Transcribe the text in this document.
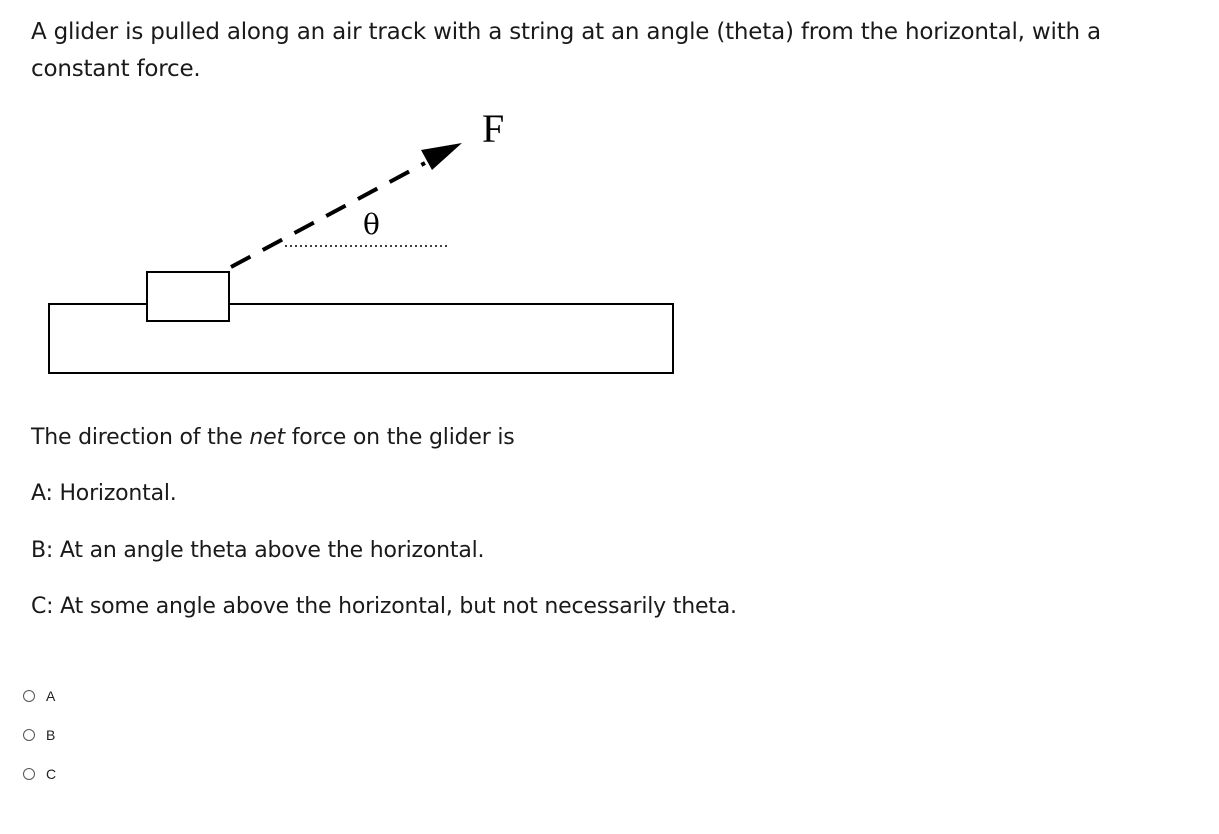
A glider is pulled along an air track with a string at an angle (theta) from the horizontal, with a constant force.
F
θ
The direction of the net force on the glider is
A: Horizontal.
B: At an angle theta above the horizontal.
C: At some angle above the horizontal, but not necessarily theta.
A
B
C
